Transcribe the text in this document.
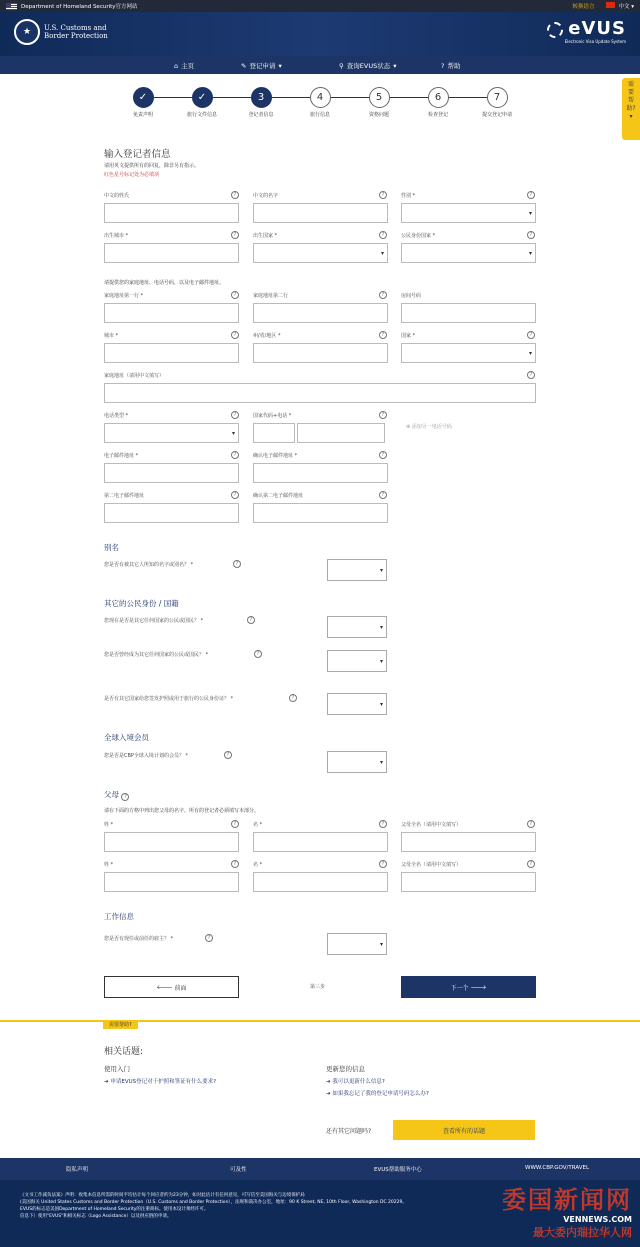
Department of Homeland Security官方网站	转换语言	中文 ▾
★	U.S. Customs and
Border Protection	eVUS
Electronic Visa Update System
⌂ 主页	✎ 登记申请 ▾	⚲ 查询EVUS状态 ▾	? 帮助
✓
免责声明
✓
旅行文件信息
3
登记者信息
4
旅行信息
5
资格问题
6
检查登记
7
提交登记申请
需要帮助?
▾
输入登记者信息
请用英文提供所有的回复，除非另有指示。
红色星号标记处为必填项
中文的姓氏	?	中文的名字	?	性别 *	?
▾
出生城市 *	?	出生国家 *	?
▾	公民身份国家 *	?
▾
请提供您的家庭地址、电话号码，以及电子邮件地址。
家庭地址第一行 *	?	家庭地址第二行	?	房间号码
城市 *	?	州/省/地区 *	?	国家 *	?
▾
家庭地址（请用中文填写）	?
电话类型 *	?
▾	国家代码+电话 *	?
⊕ 添加另一电话号码
电子邮件地址 *	?	确认电子邮件地址 *	?
第二电子邮件地址	?	确认第二电子邮件地址	?
别名
您是否有被其它人所知的名字或别名？ *	?
▾
其它的公民身份 / 国籍
您现在是否是其它任何国家的公民或国民？ *	?
▾
您是否曾经成为其它任何国家的公民或国民？ *	?
▾
是否有其它国家给您签发护照或用于旅行的公民身份证？ *	?
▾
全球入境会员
您是否是CBP全球入境计划的会员？ *	?
▾
父母 ?
请在下面的方格中列出您父母的名字。所有的登记者必须填写本部分。
姓 *	?	名 *	?	父母全名（请用中文填写）	?
姓 *	?	名 *	?	父母全名（请用中文填写）	?
工作信息
您是否有现任或前任的雇主？ *	?
▾
🡐
前面	第三步	下一个
🡒
需要帮助?
相关话题:
使用入门
➔ 申请EVUS登记对于护照和签证有什么要求?
更新您的信息
➔ 我可以更新什么信息?
➔ 如果我忘记了我的登记申请号码怎么办?
还有其它问题吗?	查看所有的话题
隐私声明	可及性	EVUS帮助服务中心	WWW.CBP.GOV/TRAVEL
《文书工作减负法案》声明：收集本信息所需的时间平均估计每个回应者约为23分钟，如对此估计有任何意见，可写信至美国海关与边境保护局
(美国海关 United States Customs and Border Protection（U.S. Customs and Border Protection），法规和裁决办公室，地址：90 K Street, NE, 10th Floor, Washington DC 20229。
EVUS的标志是美国Department of Homeland Security的注册商标。使用本设计须经许可。
信息下）使用"EVUS"和相关标志（Logo Assistance）以及供应链的申请。
委国新闻网
VENNEWS.COM
最大委内瑞拉华人网
